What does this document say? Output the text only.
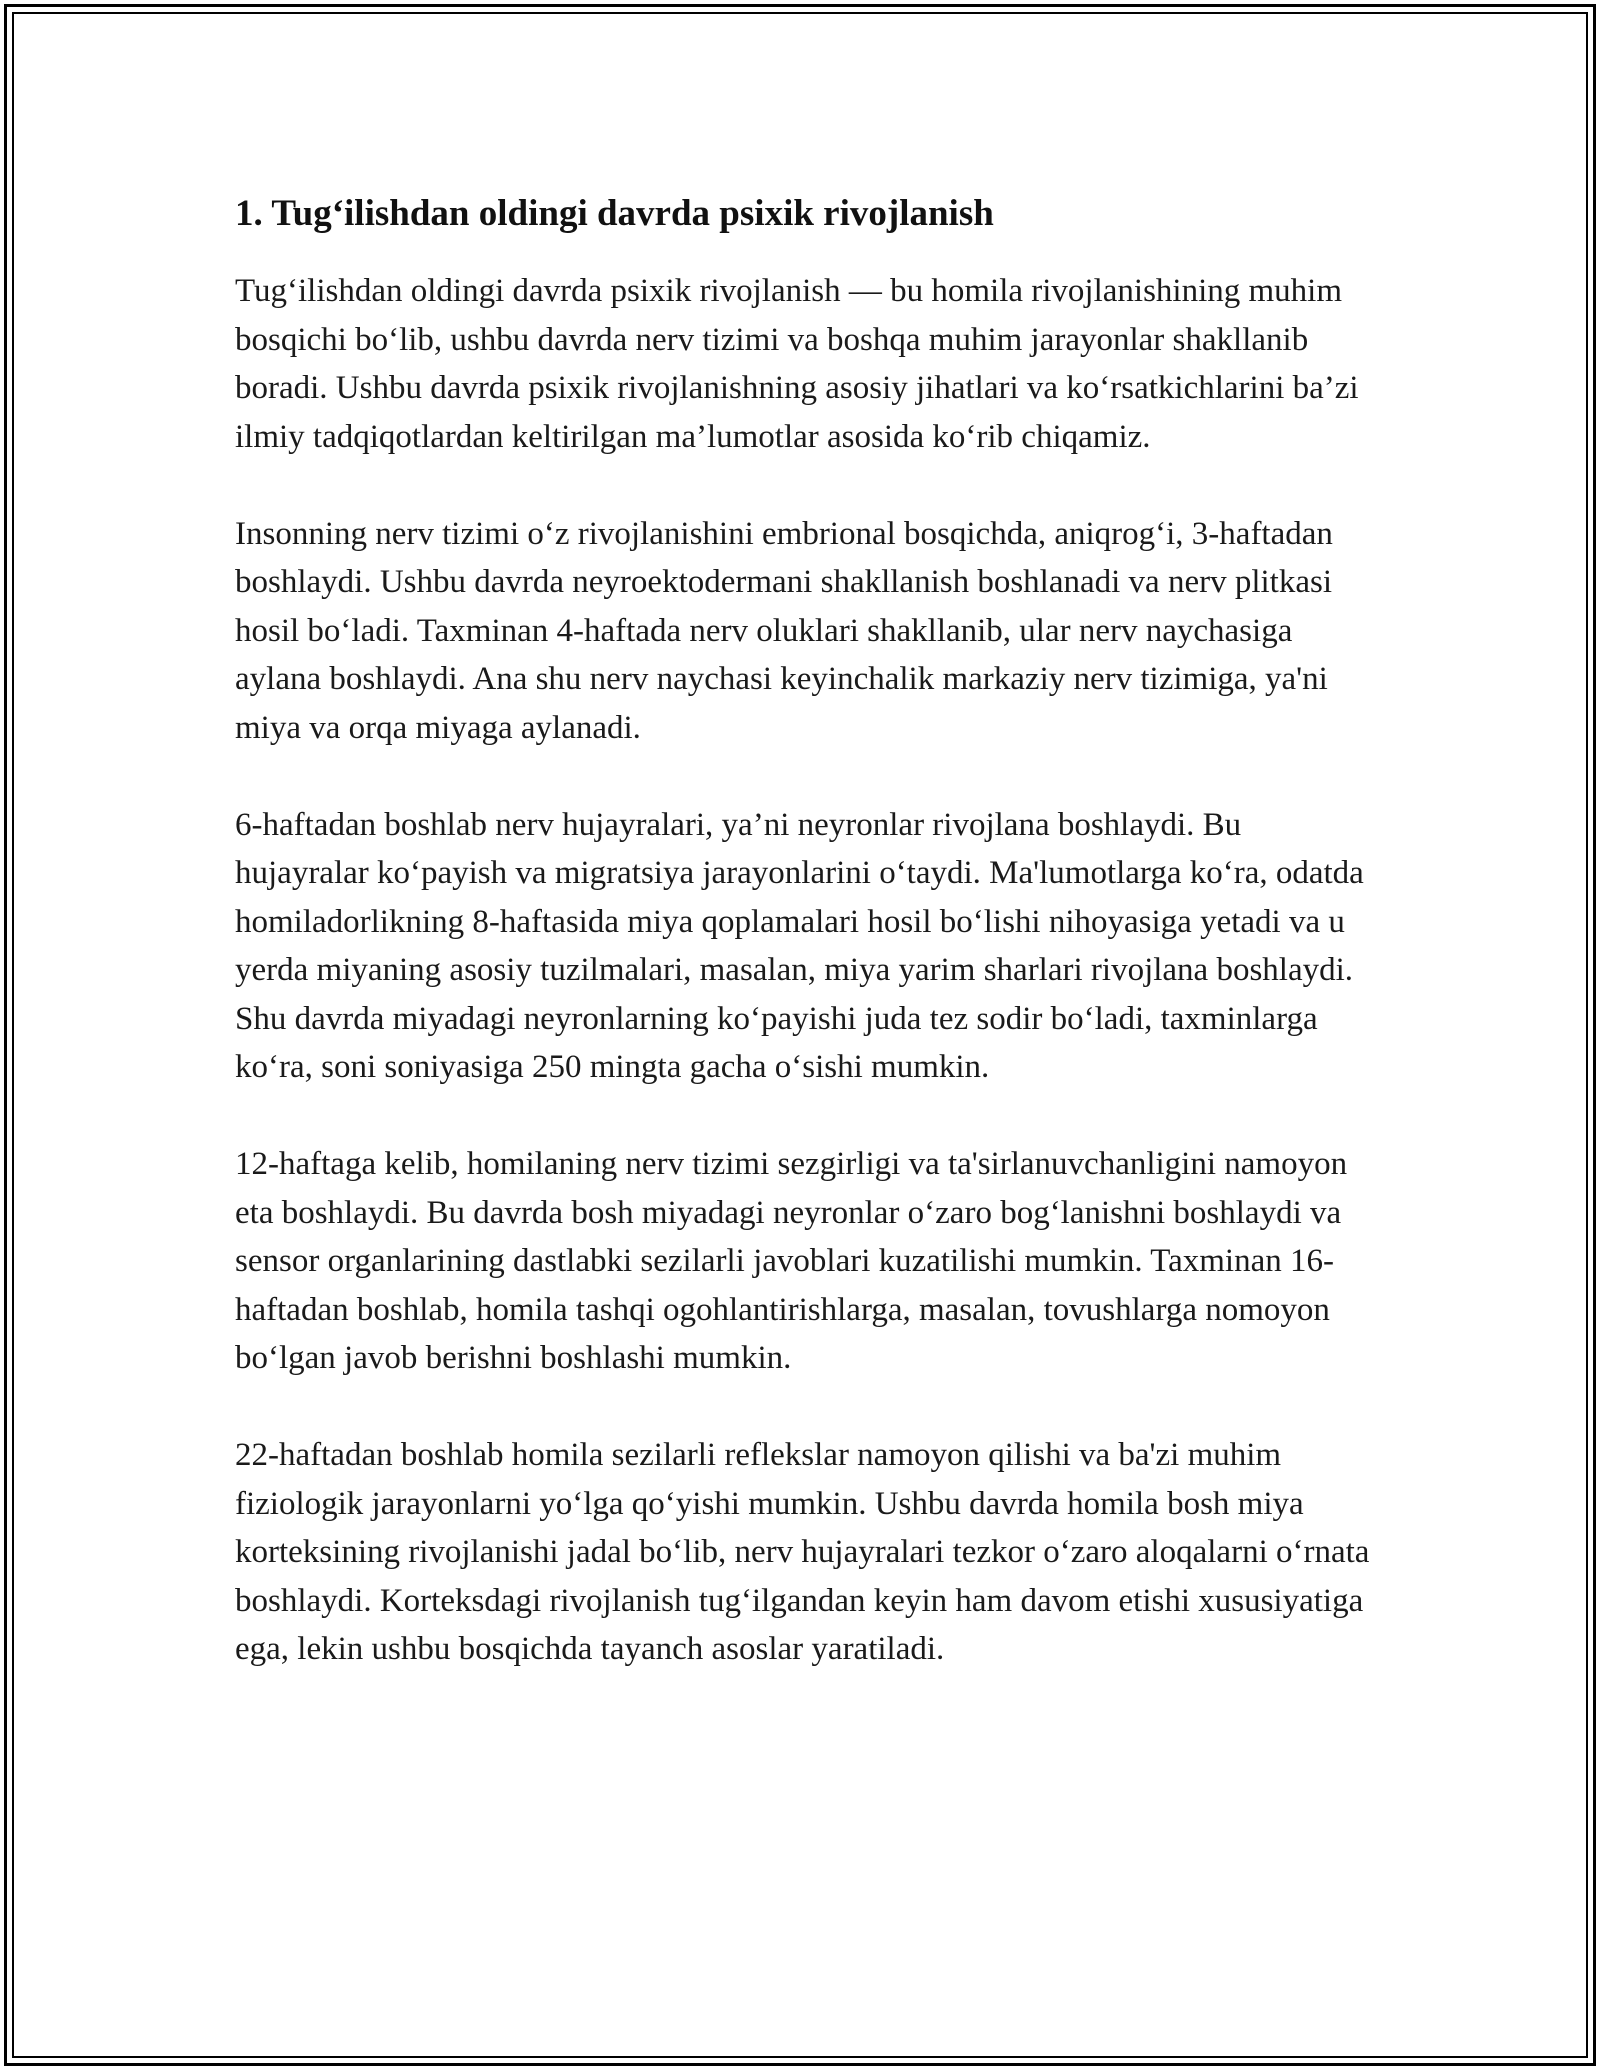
1. Tug‘ilishdan oldingi davrda psixik rivojlanish

Tug‘ilishdan oldingi davrda psixik rivojlanish — bu homila rivojlanishining muhim bosqichi bo‘lib, ushbu davrda nerv tizimi va boshqa muhim jarayonlar shakllanib boradi. Ushbu davrda psixik rivojlanishning asosiy jihatlari va ko‘rsatkichlarini ba’zi ilmiy tadqiqotlardan keltirilgan ma’lumotlar asosida ko‘rib chiqamiz.

Insonning nerv tizimi o‘z rivojlanishini embrional bosqichda, aniqrog‘i, 3-haftadan boshlaydi. Ushbu davrda neyroektodermani shakllanish boshlanadi va nerv plitkasi hosil bo‘ladi. Taxminan 4-haftada nerv oluklari shakllanib, ular nerv naychasiga aylana boshlaydi. Ana shu nerv naychasi keyinchalik markaziy nerv tizimiga, ya'ni miya va orqa miyaga aylanadi.

6-haftadan boshlab nerv hujayralari, ya’ni neyronlar rivojlana boshlaydi. Bu hujayralar ko‘payish va migratsiya jarayonlarini o‘taydi. Ma'lumotlarga ko‘ra, odatda homiladorlikning 8-haftasida miya qoplamalari hosil bo‘lishi nihoyasiga yetadi va u yerda miyaning asosiy tuzilmalari, masalan, miya yarim sharlari rivojlana boshlaydi. Shu davrda miyadagi neyronlarning ko‘payishi juda tez sodir bo‘ladi, taxminlarga ko‘ra, soni soniyasiga 250 mingta gacha o‘sishi mumkin.

12-haftaga kelib, homilaning nerv tizimi sezgirligi va ta'sirlanuvchanligini namoyon eta boshlaydi. Bu davrda bosh miyadagi neyronlar o‘zaro bog‘lanishni boshlaydi va sensor organlarining dastlabki sezilarli javoblari kuzatilishi mumkin. Taxminan 16-haftadan boshlab, homila tashqi ogohlantirishlarga, masalan, tovushlarga nomoyon bo‘lgan javob berishni boshlashi mumkin.

22-haftadan boshlab homila sezilarli reflekslar namoyon qilishi va ba'zi muhim fiziologik jarayonlarni yo‘lga qo‘yishi mumkin. Ushbu davrda homila bosh miya korteksining rivojlanishi jadal bo‘lib, nerv hujayralari tezkor o‘zaro aloqalarni o‘rnata boshlaydi. Korteksdagi rivojlanish tug‘ilgandan keyin ham davom etishi xususiyatiga ega, lekin ushbu bosqichda tayanch asoslar yaratiladi.
